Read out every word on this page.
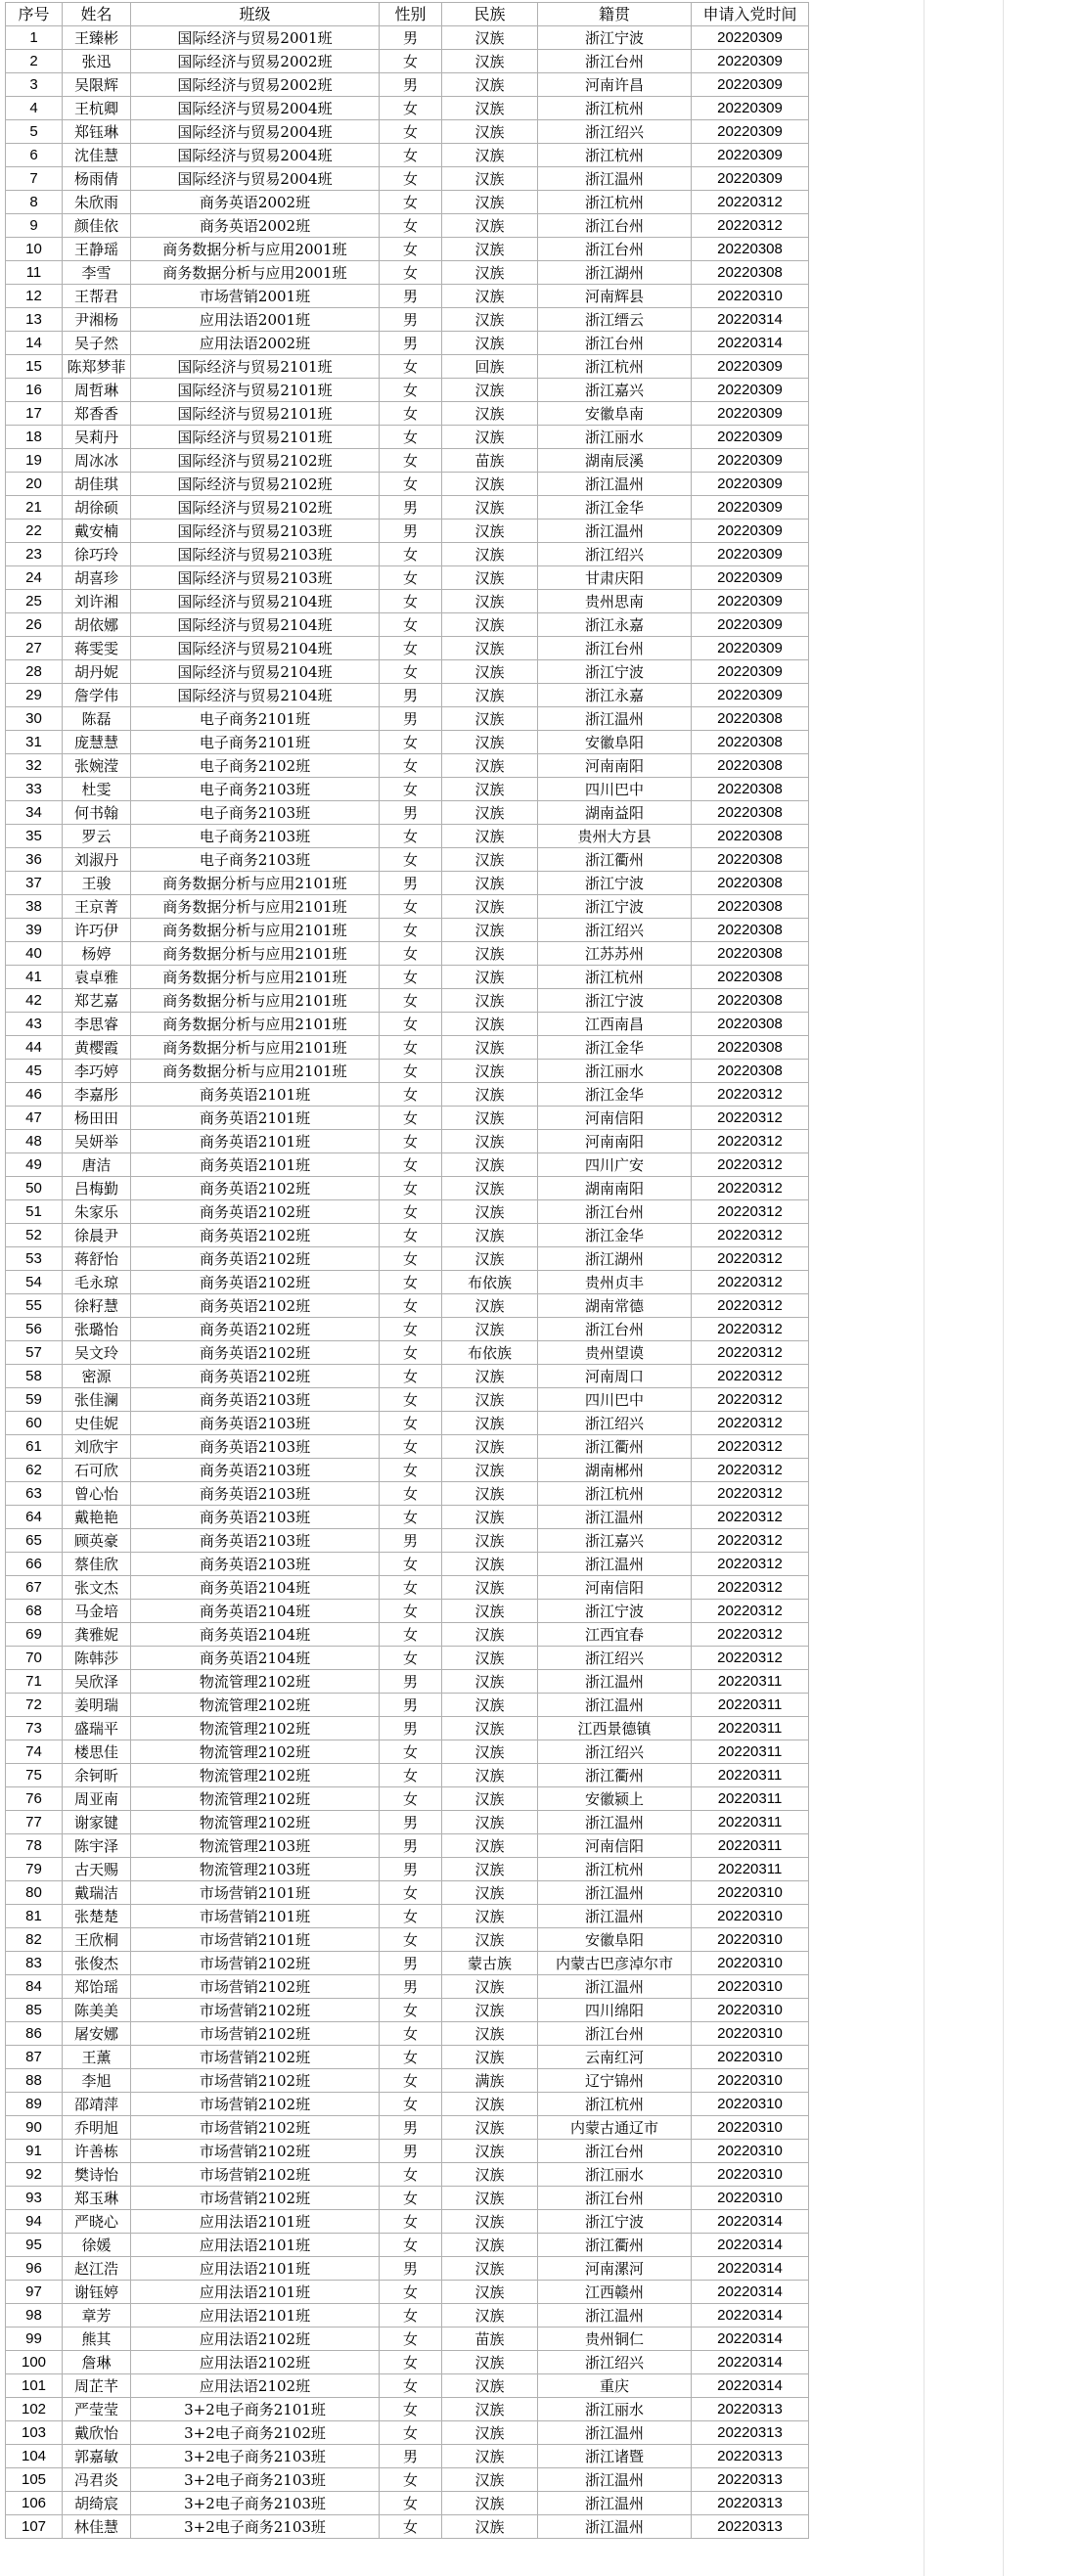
序号	姓名	班级	性别	民族	籍贯	申请入党时间
1	王臻彬	国际经济与贸易2001班	男	汉族	浙江宁波	20220309
2	张迅	国际经济与贸易2002班	女	汉族	浙江台州	20220309
3	吴限辉	国际经济与贸易2002班	男	汉族	河南许昌	20220309
4	王杭卿	国际经济与贸易2004班	女	汉族	浙江杭州	20220309
5	郑钰琳	国际经济与贸易2004班	女	汉族	浙江绍兴	20220309
6	沈佳慧	国际经济与贸易2004班	女	汉族	浙江杭州	20220309
7	杨雨倩	国际经济与贸易2004班	女	汉族	浙江温州	20220309
8	朱欣雨	商务英语2002班	女	汉族	浙江杭州	20220312
9	颜佳依	商务英语2002班	女	汉族	浙江台州	20220312
10	王静瑶	商务数据分析与应用2001班	女	汉族	浙江台州	20220308
11	李雪	商务数据分析与应用2001班	女	汉族	浙江湖州	20220308
12	王帮君	市场营销2001班	男	汉族	河南辉县	20220310
13	尹湘杨	应用法语2001班	男	汉族	浙江缙云	20220314
14	吴子然	应用法语2002班	男	汉族	浙江台州	20220314
15	陈郑梦菲	国际经济与贸易2101班	女	回族	浙江杭州	20220309
16	周哲琳	国际经济与贸易2101班	女	汉族	浙江嘉兴	20220309
17	郑香香	国际经济与贸易2101班	女	汉族	安徽阜南	20220309
18	吴莉丹	国际经济与贸易2101班	女	汉族	浙江丽水	20220309
19	周冰冰	国际经济与贸易2102班	女	苗族	湖南辰溪	20220309
20	胡佳琪	国际经济与贸易2102班	女	汉族	浙江温州	20220309
21	胡徐硕	国际经济与贸易2102班	男	汉族	浙江金华	20220309
22	戴安楠	国际经济与贸易2103班	男	汉族	浙江温州	20220309
23	徐巧玲	国际经济与贸易2103班	女	汉族	浙江绍兴	20220309
24	胡喜珍	国际经济与贸易2103班	女	汉族	甘肃庆阳	20220309
25	刘许湘	国际经济与贸易2104班	女	汉族	贵州思南	20220309
26	胡依娜	国际经济与贸易2104班	女	汉族	浙江永嘉	20220309
27	蒋雯雯	国际经济与贸易2104班	女	汉族	浙江台州	20220309
28	胡丹妮	国际经济与贸易2104班	女	汉族	浙江宁波	20220309
29	詹学伟	国际经济与贸易2104班	男	汉族	浙江永嘉	20220309
30	陈磊	电子商务2101班	男	汉族	浙江温州	20220308
31	庞慧慧	电子商务2101班	女	汉族	安徽阜阳	20220308
32	张婉滢	电子商务2102班	女	汉族	河南南阳	20220308
33	杜雯	电子商务2103班	女	汉族	四川巴中	20220308
34	何书翰	电子商务2103班	男	汉族	湖南益阳	20220308
35	罗云	电子商务2103班	女	汉族	贵州大方县	20220308
36	刘淑丹	电子商务2103班	女	汉族	浙江衢州	20220308
37	王骏	商务数据分析与应用2101班	男	汉族	浙江宁波	20220308
38	王京菁	商务数据分析与应用2101班	女	汉族	浙江宁波	20220308
39	许巧伊	商务数据分析与应用2101班	女	汉族	浙江绍兴	20220308
40	杨婷	商务数据分析与应用2101班	女	汉族	江苏苏州	20220308
41	袁卓雅	商务数据分析与应用2101班	女	汉族	浙江杭州	20220308
42	郑艺嘉	商务数据分析与应用2101班	女	汉族	浙江宁波	20220308
43	李思睿	商务数据分析与应用2101班	女	汉族	江西南昌	20220308
44	黄樱霞	商务数据分析与应用2101班	女	汉族	浙江金华	20220308
45	李巧婷	商务数据分析与应用2101班	女	汉族	浙江丽水	20220308
46	李嘉彤	商务英语2101班	女	汉族	浙江金华	20220312
47	杨田田	商务英语2101班	女	汉族	河南信阳	20220312
48	吴妍举	商务英语2101班	女	汉族	河南南阳	20220312
49	唐洁	商务英语2101班	女	汉族	四川广安	20220312
50	吕梅勤	商务英语2102班	女	汉族	湖南南阳	20220312
51	朱家乐	商务英语2102班	女	汉族	浙江台州	20220312
52	徐晨尹	商务英语2102班	女	汉族	浙江金华	20220312
53	蒋舒怡	商务英语2102班	女	汉族	浙江湖州	20220312
54	毛永琼	商务英语2102班	女	布依族	贵州贞丰	20220312
55	徐籽慧	商务英语2102班	女	汉族	湖南常德	20220312
56	张璐怡	商务英语2102班	女	汉族	浙江台州	20220312
57	吴文玲	商务英语2102班	女	布依族	贵州望谟	20220312
58	密源	商务英语2102班	女	汉族	河南周口	20220312
59	张佳澜	商务英语2103班	女	汉族	四川巴中	20220312
60	史佳妮	商务英语2103班	女	汉族	浙江绍兴	20220312
61	刘欣宇	商务英语2103班	女	汉族	浙江衢州	20220312
62	石可欣	商务英语2103班	女	汉族	湖南郴州	20220312
63	曾心怡	商务英语2103班	女	汉族	浙江杭州	20220312
64	戴艳艳	商务英语2103班	女	汉族	浙江温州	20220312
65	顾英豪	商务英语2103班	男	汉族	浙江嘉兴	20220312
66	蔡佳欣	商务英语2103班	女	汉族	浙江温州	20220312
67	张文杰	商务英语2104班	女	汉族	河南信阳	20220312
68	马金培	商务英语2104班	女	汉族	浙江宁波	20220312
69	龚雅妮	商务英语2104班	女	汉族	江西宜春	20220312
70	陈韩莎	商务英语2104班	女	汉族	浙江绍兴	20220312
71	吴欣泽	物流管理2102班	男	汉族	浙江温州	20220311
72	姜明瑞	物流管理2102班	男	汉族	浙江温州	20220311
73	盛瑞平	物流管理2102班	男	汉族	江西景德镇	20220311
74	楼思佳	物流管理2102班	女	汉族	浙江绍兴	20220311
75	余钶昕	物流管理2102班	女	汉族	浙江衢州	20220311
76	周亚南	物流管理2102班	女	汉族	安徽颍上	20220311
77	谢家键	物流管理2102班	男	汉族	浙江温州	20220311
78	陈宇泽	物流管理2103班	男	汉族	河南信阳	20220311
79	古天赐	物流管理2103班	男	汉族	浙江杭州	20220311
80	戴瑞洁	市场营销2101班	女	汉族	浙江温州	20220310
81	张楚楚	市场营销2101班	女	汉族	浙江温州	20220310
82	王欣桐	市场营销2101班	女	汉族	安徽阜阳	20220310
83	张俊杰	市场营销2102班	男	蒙古族	内蒙古巴彦淖尔市	20220310
84	郑饴瑶	市场营销2102班	男	汉族	浙江温州	20220310
85	陈美美	市场营销2102班	女	汉族	四川绵阳	20220310
86	屠安娜	市场营销2102班	女	汉族	浙江台州	20220310
87	王薰	市场营销2102班	女	汉族	云南红河	20220310
88	李旭	市场营销2102班	女	满族	辽宁锦州	20220310
89	邵靖萍	市场营销2102班	女	汉族	浙江杭州	20220310
90	乔明旭	市场营销2102班	男	汉族	内蒙古通辽市	20220310
91	许善栋	市场营销2102班	男	汉族	浙江台州	20220310
92	樊诗怡	市场营销2102班	女	汉族	浙江丽水	20220310
93	郑玉琳	市场营销2102班	女	汉族	浙江台州	20220310
94	严晓心	应用法语2101班	女	汉族	浙江宁波	20220314
95	徐媛	应用法语2101班	女	汉族	浙江衢州	20220314
96	赵江浩	应用法语2101班	男	汉族	河南漯河	20220314
97	谢钰婷	应用法语2101班	女	汉族	江西赣州	20220314
98	章芳	应用法语2101班	女	汉族	浙江温州	20220314
99	熊其	应用法语2102班	女	苗族	贵州铜仁	20220314
100	詹琳	应用法语2102班	女	汉族	浙江绍兴	20220314
101	周芷芊	应用法语2102班	女	汉族	重庆	20220314
102	严莹莹	3+2电子商务2101班	女	汉族	浙江丽水	20220313
103	戴欣怡	3+2电子商务2102班	女	汉族	浙江温州	20220313
104	郭嘉敏	3+2电子商务2103班	男	汉族	浙江诸暨	20220313
105	冯君炎	3+2电子商务2103班	女	汉族	浙江温州	20220313
106	胡绮宸	3+2电子商务2103班	女	汉族	浙江温州	20220313
107	林佳慧	3+2电子商务2103班	女	汉族	浙江温州	20220313
